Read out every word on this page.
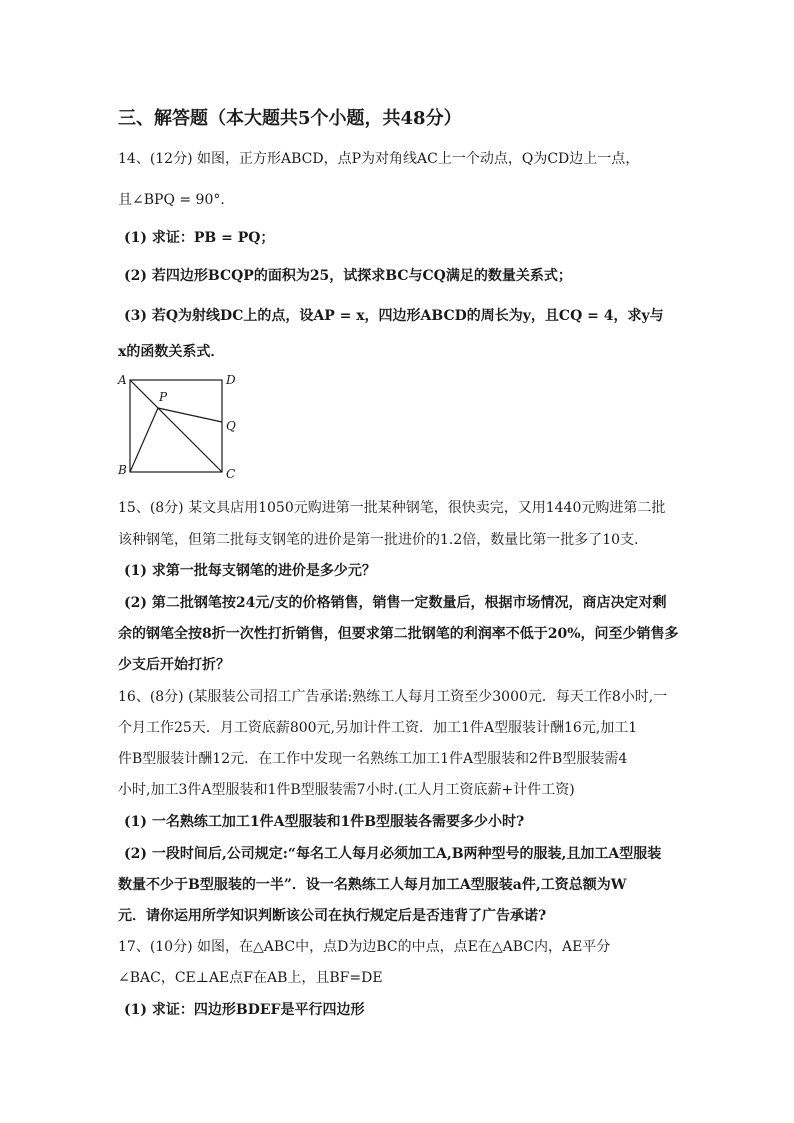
三、解答题（本大题共5个小题，共48分）
14、(12分) 如图，正方形ABCD，点P为对角线AC上一个动点，Q为CD边上一点，
且∠BPQ = 90°．
(1) 求证：PB = PQ；
(2) 若四边形BCQP的面积为25，试探求BC与CQ满足的数量关系式；
(3) 若Q为射线DC上的点，设AP = x，四边形ABCD的周长为y，且CQ = 4，求y与
x的函数关系式．
A	D
P
Q
B	C
15、(8分) 某文具店用1050元购进第一批某种钢笔，很快卖完，又用1440元购进第二批
该种钢笔，但第二批每支钢笔的进价是第一批进价的1.2倍，数量比第一批多了10支．
(1) 求第一批每支钢笔的进价是多少元？
(2) 第二批钢笔按24元/支的价格销售，销售一定数量后，根据市场情况，商店决定对剩
余的钢笔全按8折一次性打折销售，但要求第二批钢笔的利润率不低于20%，问至少销售多
少支后开始打折？
16、(8分) (某服装公司招工广告承诺:熟练工人每月工资至少3000元．每天工作8小时,一
个月工作25天．月工资底薪800元,另加计件工资．加工1件A型服装计酬16元,加工1
件B型服装计酬12元．在工作中发现一名熟练工加工1件A型服装和2件B型服装需4
小时,加工3件A型服装和1件B型服装需7小时.(工人月工资底薪+计件工资)
(1) 一名熟练工加工1件A型服装和1件B型服装各需要多少小时?
(2) 一段时间后,公司规定:“每名工人每月必须加工A,B两种型号的服装,且加工A型服装
数量不少于B型服装的一半”．设一名熟练工人每月加工A型服装a件,工资总额为W
元．请你运用所学知识判断该公司在执行规定后是否违背了广告承诺?
17、(10分) 如图，在△ABC中，点D为边BC的中点，点E在△ABC内，AE平分
∠BAC，CE⊥AE点F在AB上，且BF=DE
(1) 求证：四边形BDEF是平行四边形
